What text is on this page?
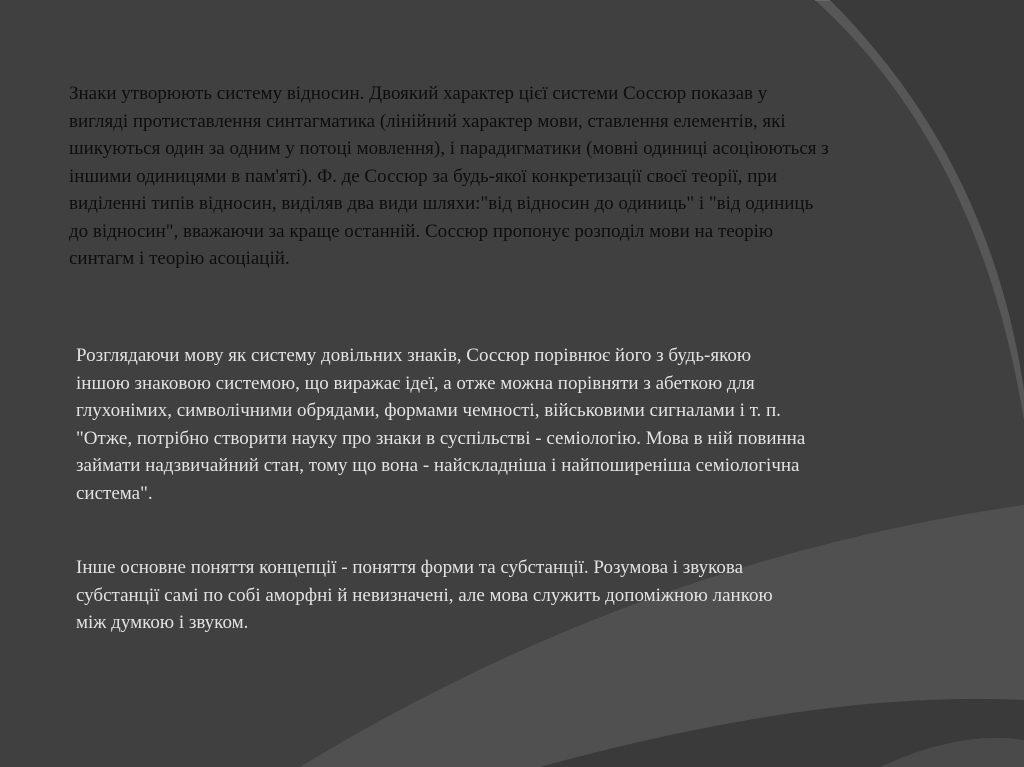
Знаки утворюють систему відносин. Двоякий характер цієї системи Соссюр показав у вигляді протиставлення синтагматика (лінійний характер мови, ставлення елементів, які шикуються один за одним у потоці мовлення), і парадигматики (мовні одиниці асоціюються з іншими одиницями в пам'яті). Ф. де Соссюр за будь-якої конкретизації своєї теорії, при виділенні типів відносин, виділяв два види шляхи:"від відносин до одиниць" і "від одиниць до відносин", вважаючи за краще останній. Соссюр пропонує розподіл мови на теорію синтагм і теорію асоціацій.

Розглядаючи мову як систему довільних знаків, Соссюр порівнює його з будь-якою іншою знаковою системою, що виражає ідеї, а отже можна порівняти з абеткою для глухонімих, символічними обрядами, формами чемності, військовими сигналами і т. п. "Отже, потрібно створити науку про знаки в суспільстві - семіологію. Мова в ній повинна займати надзвичайний стан, тому що вона - найскладніша і найпоширеніша семіологічна система".

Інше основне поняття концепції - поняття форми та субстанції. Розумова і звукова субстанції самі по собі аморфні й невизначені, але мова служить допоміжною ланкою між думкою і звуком.
